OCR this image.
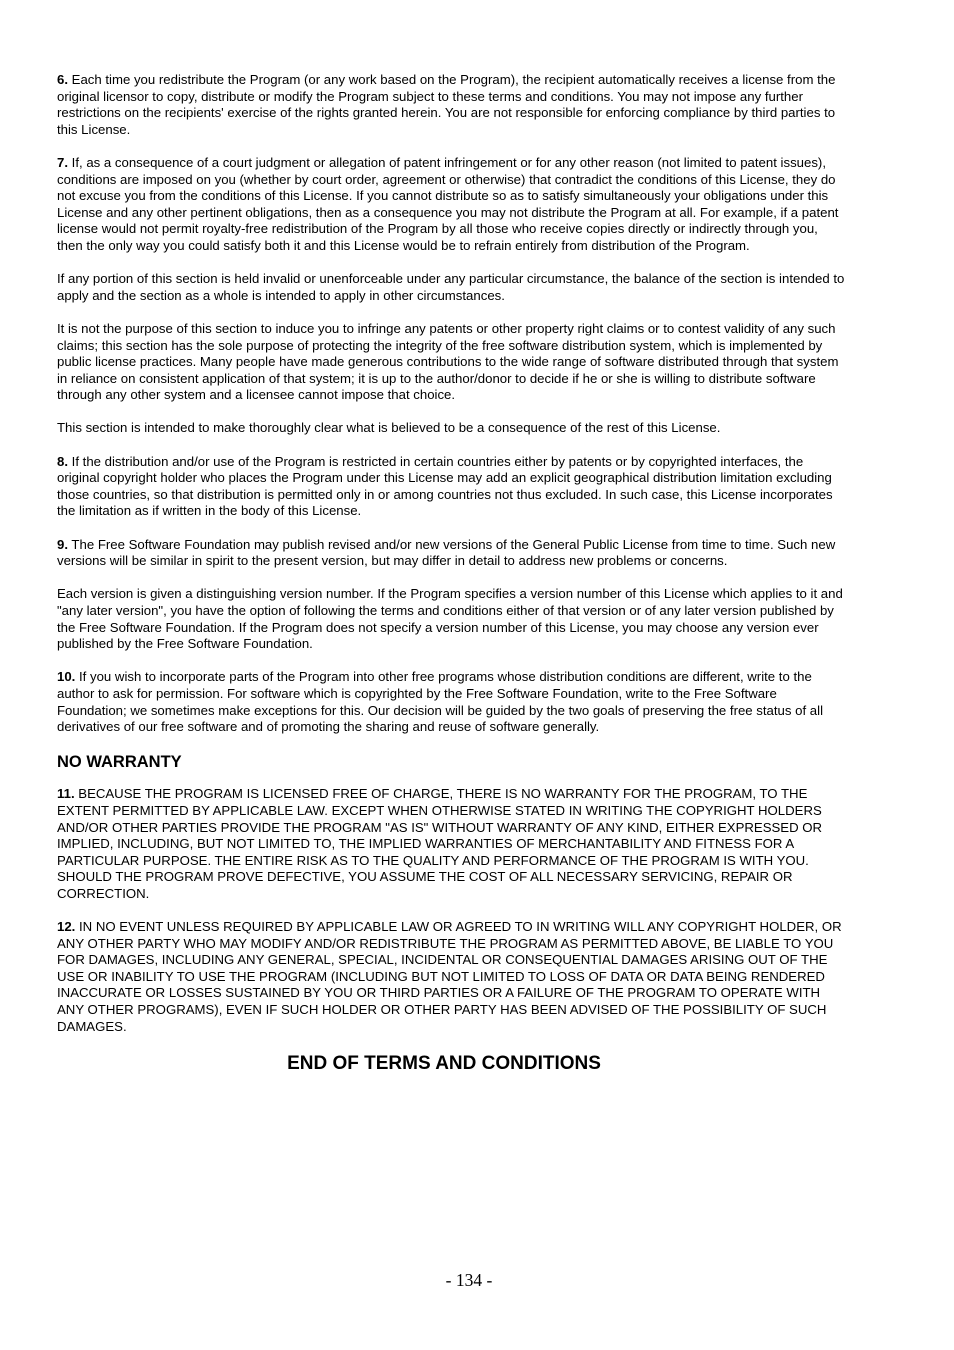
6. Each time you redistribute the Program (or any work based on the Program), the recipient automatically receives a license from the original licensor to copy, distribute or modify the Program subject to these terms and conditions. You may not impose any further restrictions on the recipients' exercise of the rights granted herein. You are not responsible for enforcing compliance by third parties to this License.

7. If, as a consequence of a court judgment or allegation of patent infringement or for any other reason (not limited to patent issues), conditions are imposed on you (whether by court order, agreement or otherwise) that contradict the conditions of this License, they do not excuse you from the conditions of this License. If you cannot distribute so as to satisfy simultaneously your obligations under this License and any other pertinent obligations, then as a consequence you may not distribute the Program at all. For example, if a patent license would not permit royalty-free redistribution of the Program by all those who receive copies directly or indirectly through you, then the only way you could satisfy both it and this License would be to refrain entirely from distribution of the Program.

If any portion of this section is held invalid or unenforceable under any particular circumstance, the balance of the section is intended to apply and the section as a whole is intended to apply in other circumstances.

It is not the purpose of this section to induce you to infringe any patents or other property right claims or to contest validity of any such claims; this section has the sole purpose of protecting the integrity of the free software distribution system, which is implemented by public license practices. Many people have made generous contributions to the wide range of software distributed through that system in reliance on consistent application of that system; it is up to the author/donor to decide if he or she is willing to distribute software through any other system and a licensee cannot impose that choice.

This section is intended to make thoroughly clear what is believed to be a consequence of the rest of this License.

8. If the distribution and/or use of the Program is restricted in certain countries either by patents or by copyrighted interfaces, the original copyright holder who places the Program under this License may add an explicit geographical distribution limitation excluding those countries, so that distribution is permitted only in or among countries not thus excluded. In such case, this License incorporates the limitation as if written in the body of this License.

9. The Free Software Foundation may publish revised and/or new versions of the General Public License from time to time. Such new versions will be similar in spirit to the present version, but may differ in detail to address new problems or concerns.

Each version is given a distinguishing version number. If the Program specifies a version number of this License which applies to it and "any later version", you have the option of following the terms and conditions either of that version or of any later version published by the Free Software Foundation. If the Program does not specify a version number of this License, you may choose any version ever published by the Free Software Foundation.

10. If you wish to incorporate parts of the Program into other free programs whose distribution conditions are different, write to the author to ask for permission. For software which is copyrighted by the Free Software Foundation, write to the Free Software Foundation; we sometimes make exceptions for this. Our decision will be guided by the two goals of preserving the free status of all derivatives of our free software and of promoting the sharing and reuse of software generally.

NO WARRANTY

11. BECAUSE THE PROGRAM IS LICENSED FREE OF CHARGE, THERE IS NO WARRANTY FOR THE PROGRAM, TO THE EXTENT PERMITTED BY APPLICABLE LAW. EXCEPT WHEN OTHERWISE STATED IN WRITING THE COPYRIGHT HOLDERS AND/OR OTHER PARTIES PROVIDE THE PROGRAM "AS IS" WITHOUT WARRANTY OF ANY KIND, EITHER EXPRESSED OR IMPLIED, INCLUDING, BUT NOT LIMITED TO, THE IMPLIED WARRANTIES OF MERCHANTABILITY AND FITNESS FOR A PARTICULAR PURPOSE. THE ENTIRE RISK AS TO THE QUALITY AND PERFORMANCE OF THE PROGRAM IS WITH YOU. SHOULD THE PROGRAM PROVE DEFECTIVE, YOU ASSUME THE COST OF ALL NECESSARY SERVICING, REPAIR OR CORRECTION.

12. IN NO EVENT UNLESS REQUIRED BY APPLICABLE LAW OR AGREED TO IN WRITING WILL ANY COPYRIGHT HOLDER, OR ANY OTHER PARTY WHO MAY MODIFY AND/OR REDISTRIBUTE THE PROGRAM AS PERMITTED ABOVE, BE LIABLE TO YOU FOR DAMAGES, INCLUDING ANY GENERAL, SPECIAL, INCIDENTAL OR CONSEQUENTIAL DAMAGES ARISING OUT OF THE USE OR INABILITY TO USE THE PROGRAM (INCLUDING BUT NOT LIMITED TO LOSS OF DATA OR DATA BEING RENDERED INACCURATE OR LOSSES SUSTAINED BY YOU OR THIRD PARTIES OR A FAILURE OF THE PROGRAM TO OPERATE WITH ANY OTHER PROGRAMS), EVEN IF SUCH HOLDER OR OTHER PARTY HAS BEEN ADVISED OF THE POSSIBILITY OF SUCH DAMAGES.

END OF TERMS AND CONDITIONS
- 134 -
